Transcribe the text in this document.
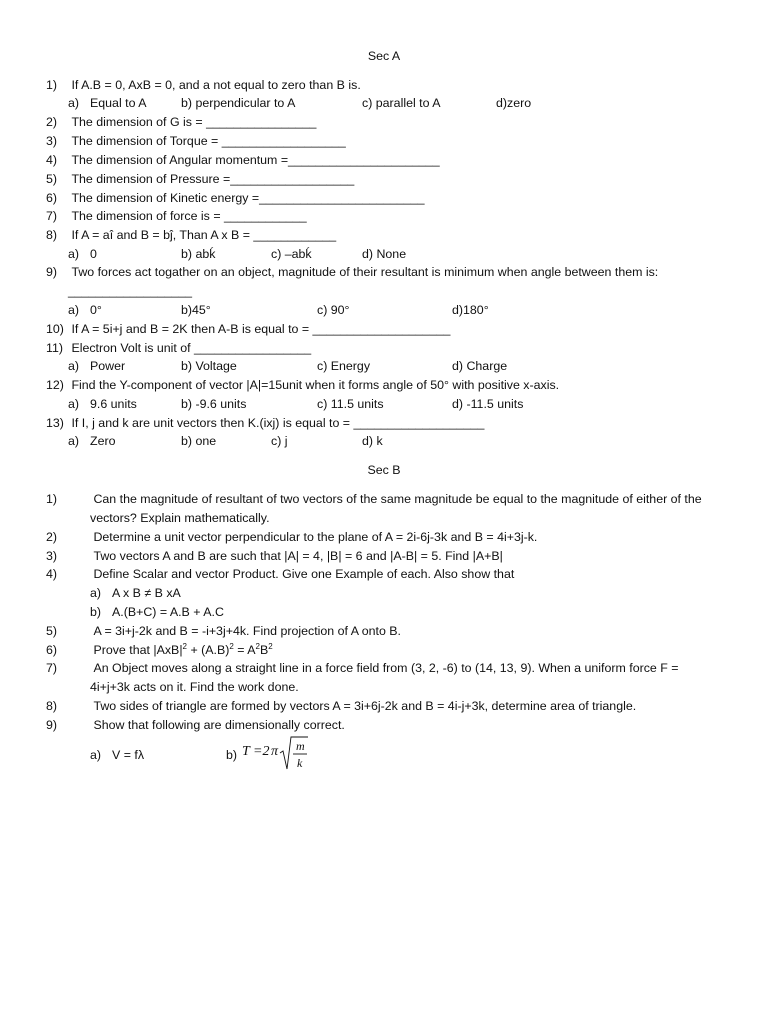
Sec A
1) If A.B = 0, AxB = 0, and a not equal to zero than B is.
a) Equal to A	b) perpendicular to A	c) parallel to A	d)zero
2) The dimension of G is = ________________
3) The dimension of Torque = __________________
4) The dimension of Angular momentum =______________________
5) The dimension of Pressure =__________________
6) The dimension of Kinetic energy =________________________
7) The dimension of force is = ____________
8) If A = aî and B = bĵ, Than A x B = ____________
a) 0	b) abḱ	c) –abḱ	d) None
9) Two forces act togather on an object, magnitude of their resultant is minimum when angle between them is:
__________________
a) 0°	b)45°	c) 90°	d)180°
10) If A = 5i+j and B = 2K then A-B is equal to = ____________________
11) Electron Volt is unit of _________________
a) Power	b) Voltage	c) Energy	d) Charge
12) Find the Y-component of vector |A|=15unit when it forms angle of 50° with positive x-axis.
a) 9.6 units	b) -9.6 units	c) 11.5 units	d) -11.5 units
13) If I, j and k are unit vectors then K.(ixj) is equal to = ___________________
a) Zero	b) one	c) j	d) k
Sec B
1)	Can the magnitude of resultant of two vectors of the same magnitude be equal to the magnitude of either of the
vectors? Explain mathematically.
2)	Determine a unit vector perpendicular to the plane of A = 2i-6j-3k and B = 4i+3j-k.
3)	Two vectors A and B are such that |A| = 4, |B| = 6 and |A-B| = 5. Find |A+B|
4)	Define Scalar and vector Product. Give one Example of each. Also show that
a) A x B ≠ B xA
b) A.(B+C) = A.B + A.C
5)	A = 3i+j-2k and B = -i+3j+4k. Find projection of A onto B.
6)	Prove that $|AxB|^2 + (A.B)^2 = A^2B^2$
7)	An Object moves along a straight line in a force field from (3, 2, -6) to (14, 13, 9). When a uniform force F =
4i+j+3k acts on it. Find the work done.
8)	Two sides of triangle are formed by vectors A = 3i+6j-2k and B = 4i-j+3k, determine area of triangle.
9)	Show that following are dimensionally correct.
a) V = fλ	b) T =2 π m
k
